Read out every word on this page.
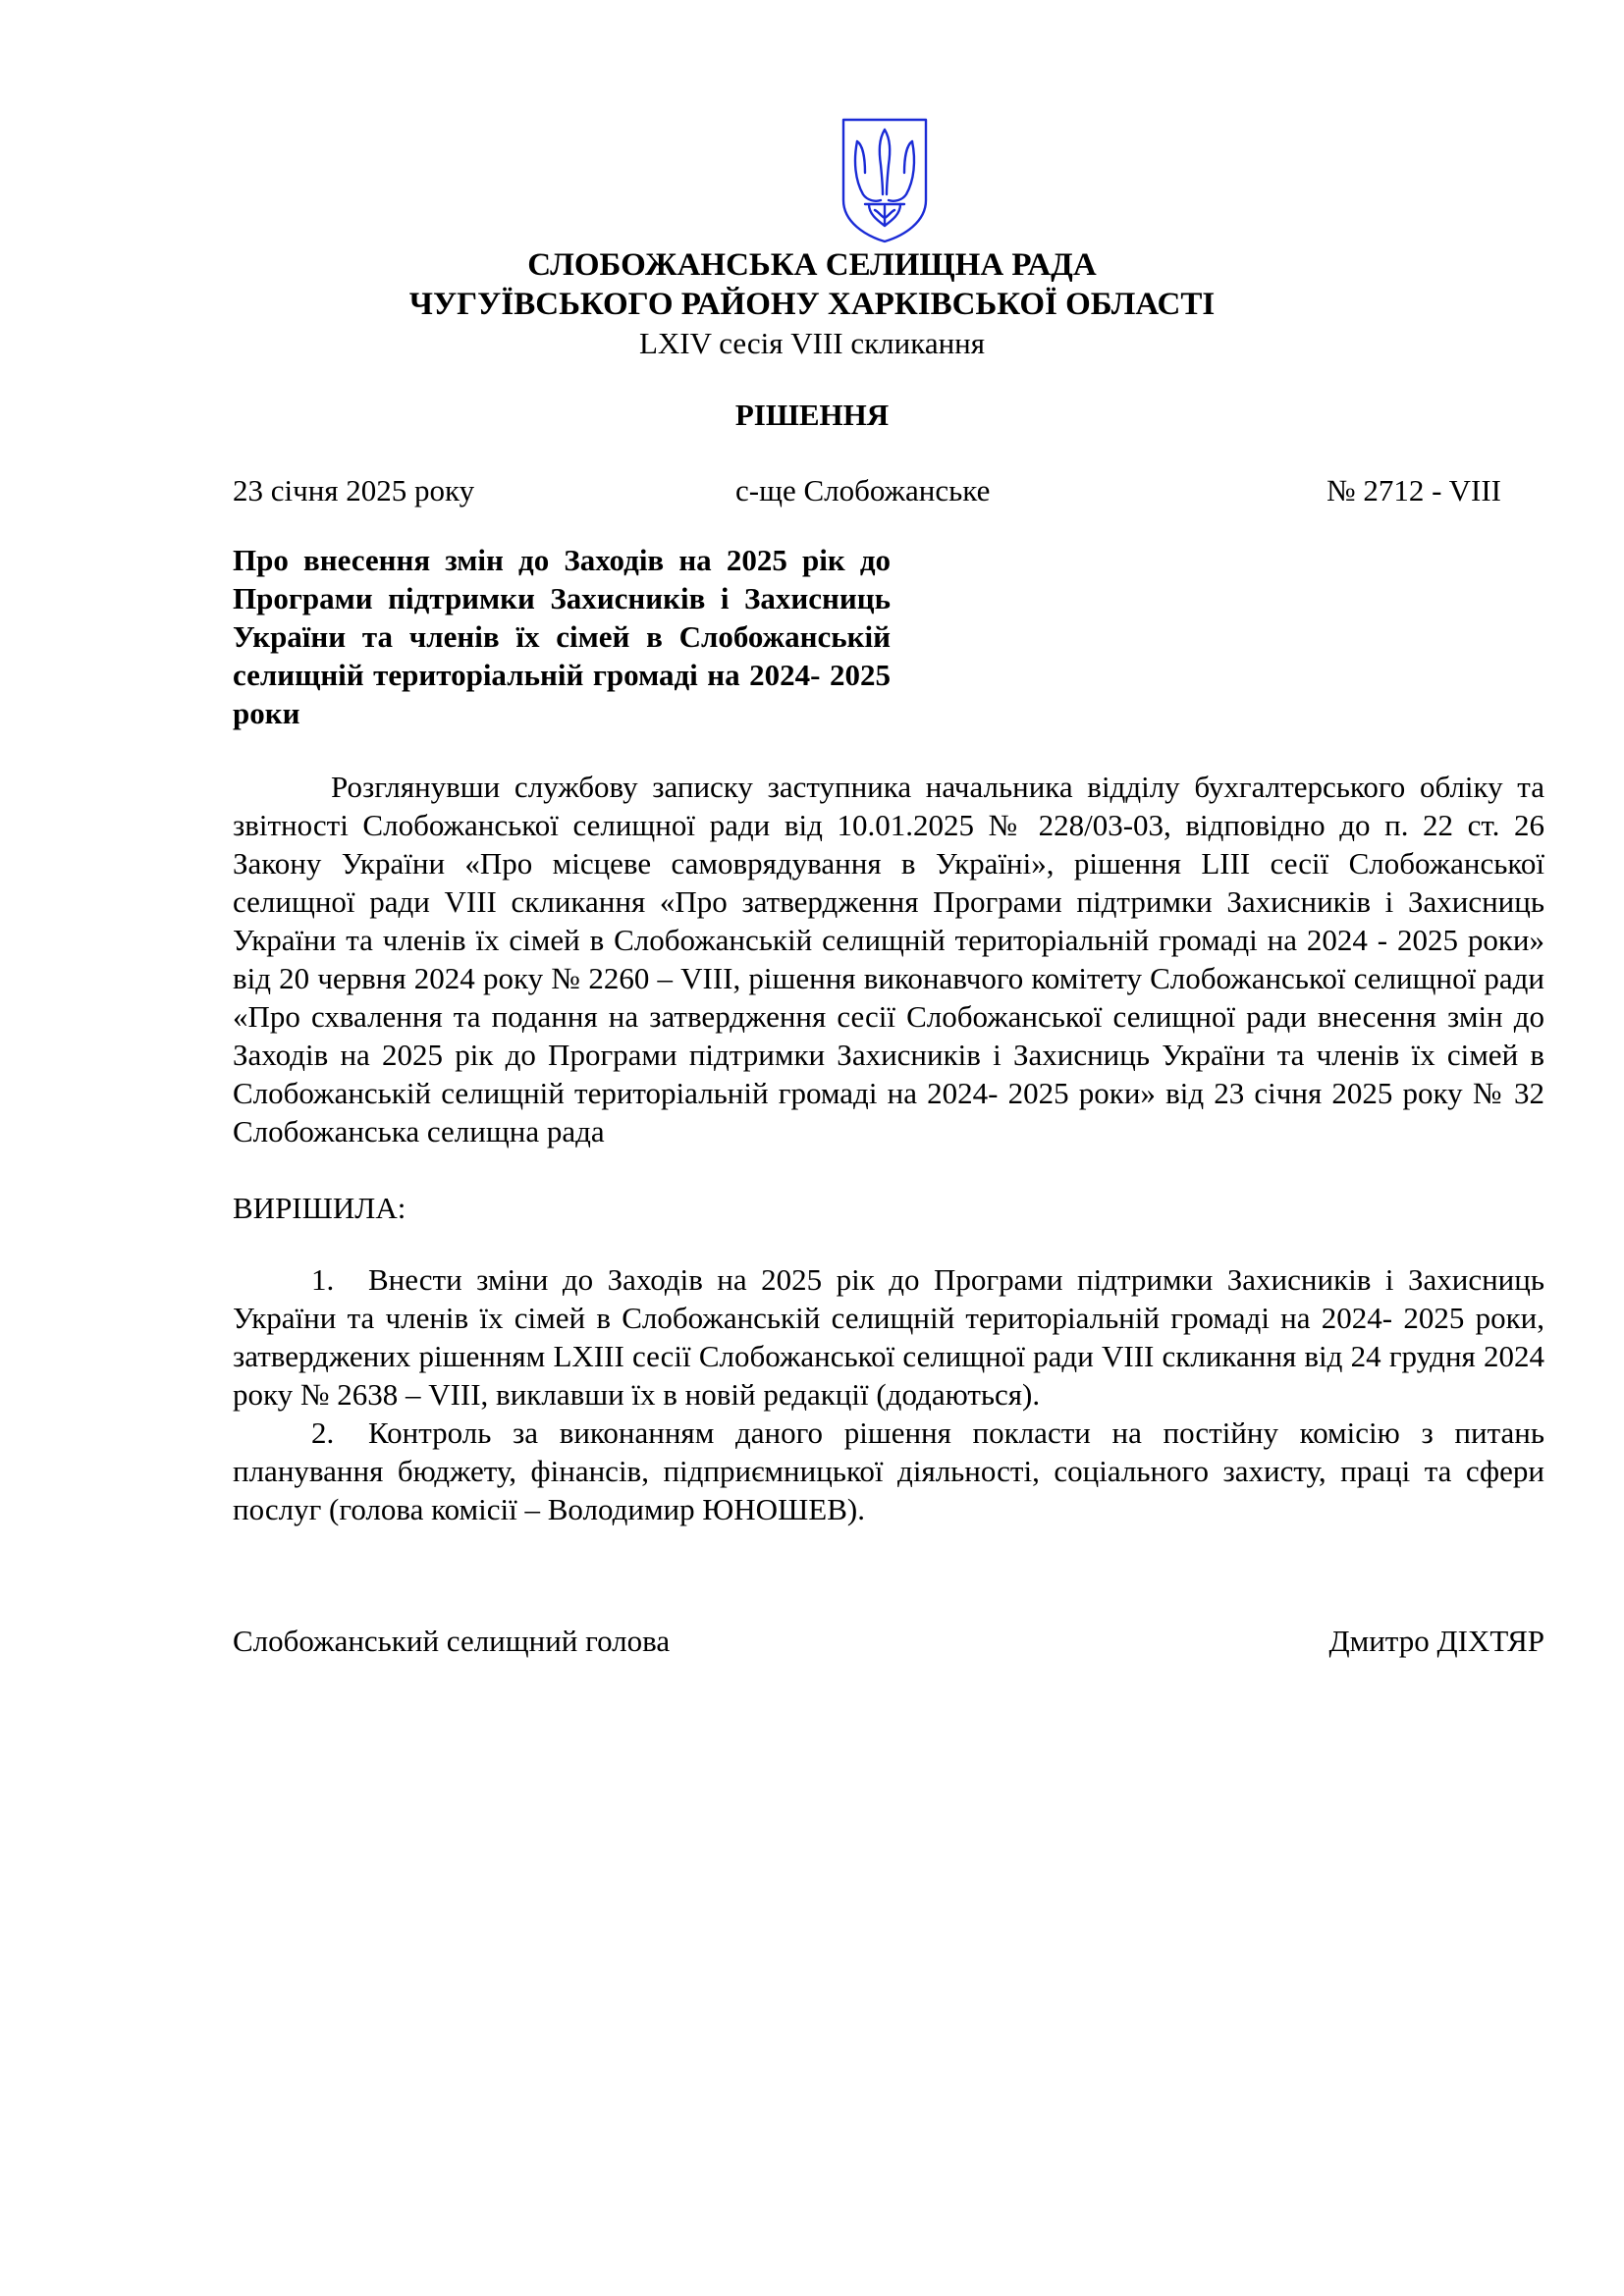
СЛОБОЖАНСЬКА СЕЛИЩНА РАДА
ЧУГУЇВСЬКОГО РАЙОНУ ХАРКІВСЬКОЇ ОБЛАСТІ
LXIV сесія VIII скликання
РІШЕННЯ
23 січня 2025 року	с-ще Слобожанське	№ 2712 - VIII
Про внесення змін до Заходів на 2025 рік до Програми підтримки Захисників і Захисниць України та членів їх сімей в Слобожанській селищній територіальній громаді на 2024- 2025 роки
Розглянувши службову записку заступника начальника відділу бухгалтерського обліку та звітності Слобожанської селищної ради від 10.01.2025 № 228/03-03, відповідно до п. 22 ст. 26 Закону України «Про місцеве самоврядування в Україні», рішення LIII сесії Слобожанської селищної ради VIII скликання «Про затвердження Програми підтримки Захисників і Захисниць України та членів їх сімей в Слобожанській селищній територіальній громаді на 2024 - 2025 роки» від 20 червня 2024 року № 2260 – VIII, рішення виконавчого комітету Слобожанської селищної ради «Про схвалення та подання на затвердження сесії Слобожанської селищної ради внесення змін до Заходів на 2025 рік до Програми підтримки Захисників і Захисниць України та членів їх сімей в Слобожанській селищній територіальній громаді на 2024- 2025 роки» від 23 січня 2025 року № 32 Слобожанська селищна рада
ВИРІШИЛА:
1. Внести зміни до Заходів на 2025 рік до Програми підтримки Захисників і Захисниць України та членів їх сімей в Слобожанській селищній територіальній громаді на 2024- 2025 роки, затверджених рішенням LXIII сесії Слобожанської селищної ради VIII скликання від 24 грудня 2024 року № 2638 – VIII, виклавши їх в новій редакції (додаються).
2. Контроль за виконанням даного рішення покласти на постійну комісію з питань планування бюджету, фінансів, підприємницької діяльності, соціального захисту, праці та сфери послуг (голова комісії – Володимир ЮНОШЕВ).
Слобожанський селищний голова	Дмитро ДІХТЯР
